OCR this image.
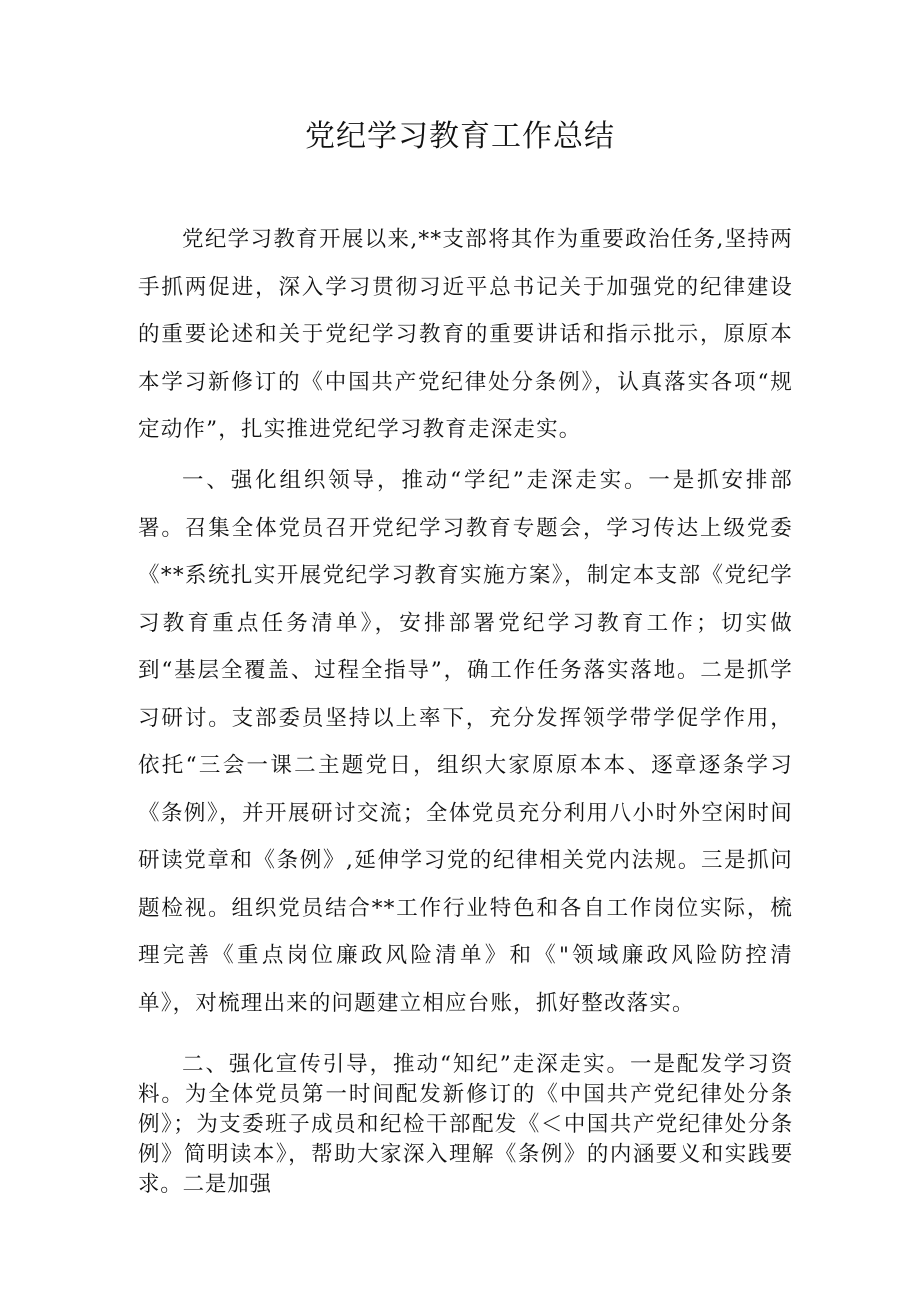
党纪学习教育工作总结

党纪学习教育开展以来,**支部将其作为重要政治任务,坚持两手抓两促进，深入学习贯彻习近平总书记关于加强党的纪律建设的重要论述和关于党纪学习教育的重要讲话和指示批示，原原本本学习新修订的《中国共产党纪律处分条例》，认真落实各项“规定动作”，扎实推进党纪学习教育走深走实。

一、强化组织领导，推动“学纪”走深走实。一是抓安排部署。召集全体党员召开党纪学习教育专题会，学习传达上级党委《**系统扎实开展党纪学习教育实施方案》，制定本支部《党纪学习教育重点任务清单》，安排部署党纪学习教育工作；切实做到“基层全覆盖、过程全指导”，确工作任务落实落地。二是抓学习研讨。支部委员坚持以上率下，充分发挥领学带学促学作用，依托“三会一课二主题党日，组织大家原原本本、逐章逐条学习《条例》，并开展研讨交流；全体党员充分利用八小时外空闲时间研读党章和《条例》,延伸学习党的纪律相关党内法规。三是抓问题检视。组织党员结合**工作行业特色和各自工作岗位实际，梳理完善《重点岗位廉政风险清单》和《"领域廉政风险防控清单》，对梳理出来的问题建立相应台账，抓好整改落实。

二、强化宣传引导，推动“知纪”走深走实。一是配发学习资料。为全体党员第一时间配发新修订的《中国共产党纪律处分条例》；为支委班子成员和纪检干部配发《＜中国共产党纪律处分条例》简明读本》，帮助大家深入理解《条例》的内涵要义和实践要求。二是加强
